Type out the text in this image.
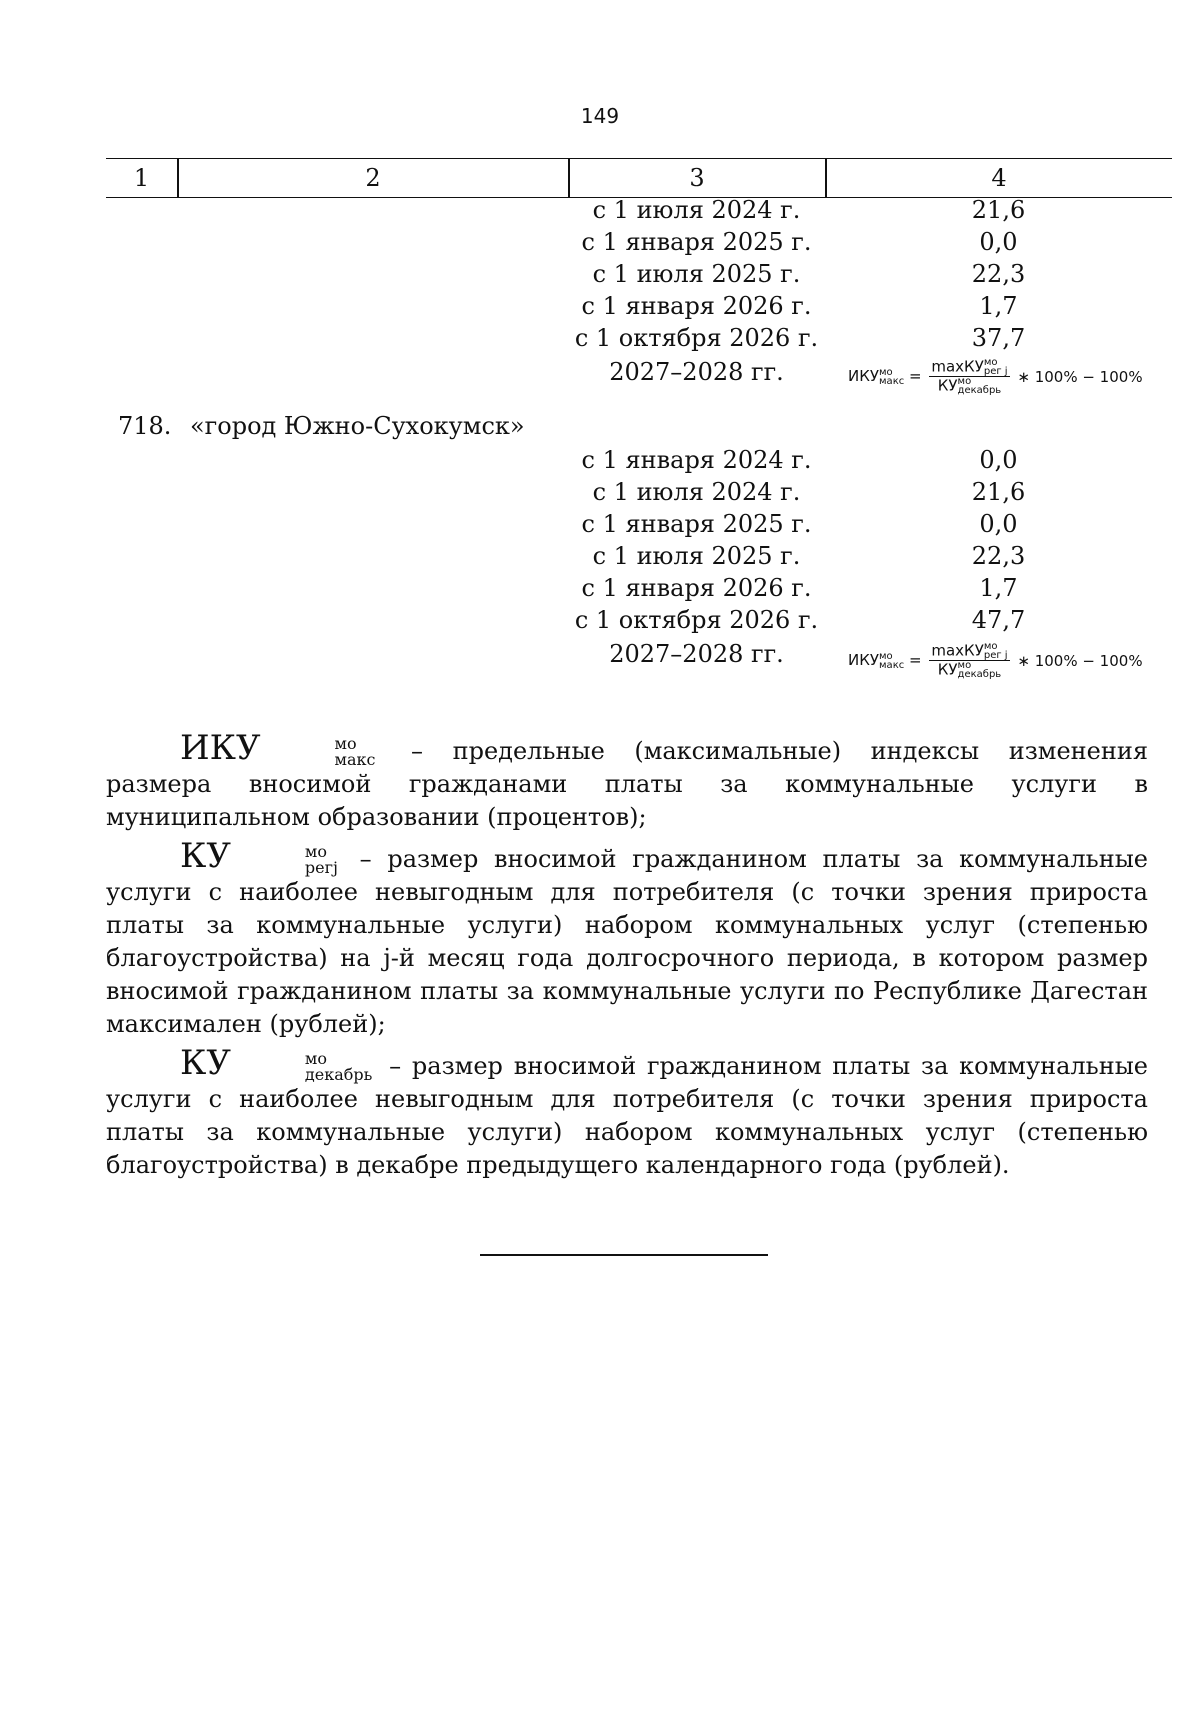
149
1	2	3	4
с 1 июля 2024 г.	21,6
с 1 января 2025 г.	0,0
с 1 июля 2025 г.	22,3
с 1 января 2026 г.	1,7
с 1 октября 2026 г.	37,7
2027–2028 гг.	ИКУ мо
макс = maxКУ мо
рег j
КУ мо
декабрь ∗ 100% − 100%
718. «город Южно-Сухокумск»
с 1 января 2024 г.	0,0
с 1 июля 2024 г.	21,6
с 1 января 2025 г.	0,0
с 1 июля 2025 г.	22,3
с 1 января 2026 г.	1,7
с 1 октября 2026 г.	47,7
2027–2028 гг.	ИКУ мо
макс = maxКУ мо
рег j
КУ мо
декабрь ∗ 100% − 100%

ИКУ	мо
макс – предельные (максимальные) индексы изменения размера вносимой гражданами платы за коммунальные услуги в муниципальном образовании (процентов);

КУ	мо
регj – размер вносимой гражданином платы за коммунальные услуги с наиболее невыгодным для потребителя (с точки зрения прироста платы за коммунальные услуги) набором коммунальных услуг (степенью благоустройства) на j-й месяц года долгосрочного периода, в котором размер вносимой гражданином платы за коммунальные услуги по Республике Дагестан максимален (рублей);

КУ	мо
декабрь – размер вносимой гражданином платы за коммунальные услуги с наиболее невыгодным для потребителя (с точки зрения прироста платы за коммунальные услуги) набором коммунальных услуг (степенью благоустройства) в декабре предыдущего календарного года (рублей).
